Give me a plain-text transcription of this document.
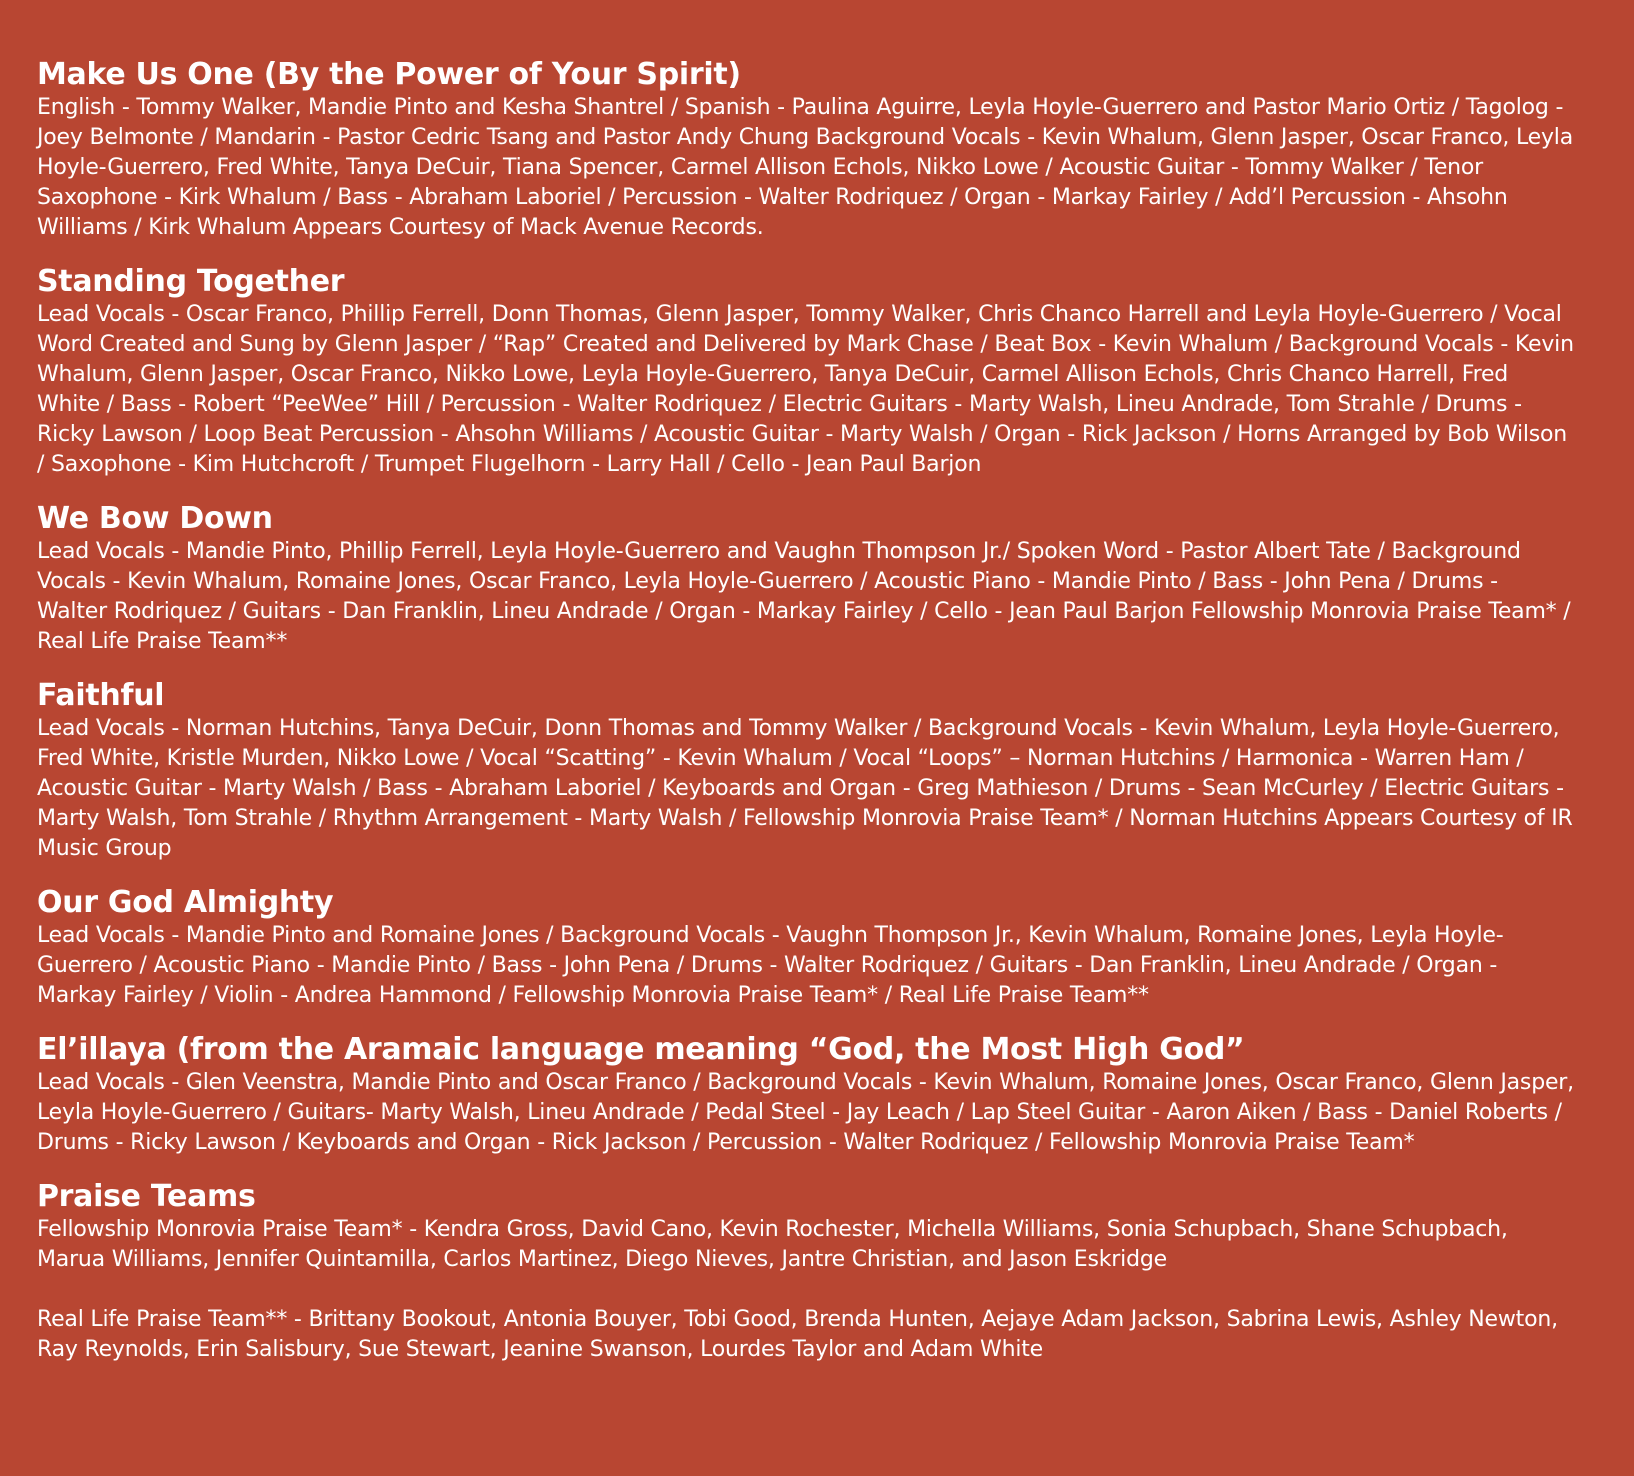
Make Us One (By the Power of Your Spirit)

English - Tommy Walker, Mandie Pinto and Kesha Shantrel / Spanish - Paulina Aguirre, Leyla Hoyle-Guerrero and Pastor Mario Ortiz / Tagolog - Joey Belmonte / Mandarin - Pastor Cedric Tsang and Pastor Andy Chung Background Vocals - Kevin Whalum, Glenn Jasper, Oscar Franco, Leyla Hoyle-Guerrero, Fred White, Tanya DeCuir, Tiana Spencer, Carmel Allison Echols, Nikko Lowe / Acoustic Guitar - Tommy Walker / Tenor Saxophone - Kirk Whalum / Bass - Abraham Laboriel / Percussion - Walter Rodriquez / Organ - Markay Fairley / Add’l Percussion - Ahsohn Williams / Kirk Whalum Appears Courtesy of Mack Avenue Records.

Standing Together

Lead Vocals - Oscar Franco, Phillip Ferrell, Donn Thomas, Glenn Jasper, Tommy Walker, Chris Chanco Harrell and Leyla Hoyle-Guerrero / Vocal Word Created and Sung by Glenn Jasper / “Rap” Created and Delivered by Mark Chase / Beat Box - Kevin Whalum / Background Vocals - Kevin Whalum, Glenn Jasper, Oscar Franco, Nikko Lowe, Leyla Hoyle-Guerrero, Tanya DeCuir, Carmel Allison Echols, Chris Chanco Harrell, Fred White / Bass - Robert “PeeWee” Hill / Percussion - Walter Rodriquez / Electric Guitars - Marty Walsh, Lineu Andrade, Tom Strahle / Drums - Ricky Lawson / Loop Beat Percussion - Ahsohn Williams / Acoustic Guitar - Marty Walsh / Organ - Rick Jackson / Horns Arranged by Bob Wilson / Saxophone - Kim Hutchcroft / Trumpet Flugelhorn - Larry Hall / Cello - Jean Paul Barjon

We Bow Down

Lead Vocals - Mandie Pinto, Phillip Ferrell, Leyla Hoyle-Guerrero and Vaughn Thompson Jr./ Spoken Word - Pastor Albert Tate / Background Vocals - Kevin Whalum, Romaine Jones, Oscar Franco, Leyla Hoyle-Guerrero / Acoustic Piano - Mandie Pinto / Bass - John Pena / Drums - Walter Rodriquez / Guitars - Dan Franklin, Lineu Andrade / Organ - Markay Fairley / Cello - Jean Paul Barjon Fellowship Monrovia Praise Team* / Real Life Praise Team**

Faithful

Lead Vocals - Norman Hutchins, Tanya DeCuir, Donn Thomas and Tommy Walker / Background Vocals - Kevin Whalum, Leyla Hoyle-Guerrero, Fred White, Kristle Murden, Nikko Lowe / Vocal “Scatting” - Kevin Whalum / Vocal “Loops” – Norman Hutchins / Harmonica - Warren Ham / Acoustic Guitar - Marty Walsh / Bass - Abraham Laboriel / Keyboards and Organ - Greg Mathieson / Drums - Sean McCurley / Electric Guitars - Marty Walsh, Tom Strahle / Rhythm Arrangement - Marty Walsh / Fellowship Monrovia Praise Team* / Norman Hutchins Appears Courtesy of IR Music Group

Our God Almighty

Lead Vocals - Mandie Pinto and Romaine Jones / Background Vocals - Vaughn Thompson Jr., Kevin Whalum, Romaine Jones, Leyla Hoyle- Guerrero / Acoustic Piano - Mandie Pinto / Bass - John Pena / Drums - Walter Rodriquez / Guitars - Dan Franklin, Lineu Andrade / Organ - Markay Fairley / Violin - Andrea Hammond / Fellowship Monrovia Praise Team* / Real Life Praise Team**

El’illaya (from the Aramaic language meaning “God, the Most High God”

Lead Vocals - Glen Veenstra, Mandie Pinto and Oscar Franco / Background Vocals - Kevin Whalum, Romaine Jones, Oscar Franco, Glenn Jasper, Leyla Hoyle-Guerrero / Guitars- Marty Walsh, Lineu Andrade / Pedal Steel - Jay Leach / Lap Steel Guitar - Aaron Aiken / Bass - Daniel Roberts / Drums - Ricky Lawson / Keyboards and Organ - Rick Jackson / Percussion - Walter Rodriquez / Fellowship Monrovia Praise Team*

Praise Teams

Fellowship Monrovia Praise Team* - Kendra Gross, David Cano, Kevin Rochester, Michella Williams, Sonia Schupbach, Shane Schupbach, Marua Williams, Jennifer Quintamilla, Carlos Martinez, Diego Nieves, Jantre Christian, and Jason Eskridge

Real Life Praise Team** - Brittany Bookout, Antonia Bouyer, Tobi Good, Brenda Hunten, Aejaye Adam Jackson, Sabrina Lewis, Ashley Newton, Ray Reynolds, Erin Salisbury, Sue Stewart, Jeanine Swanson, Lourdes Taylor and Adam White
